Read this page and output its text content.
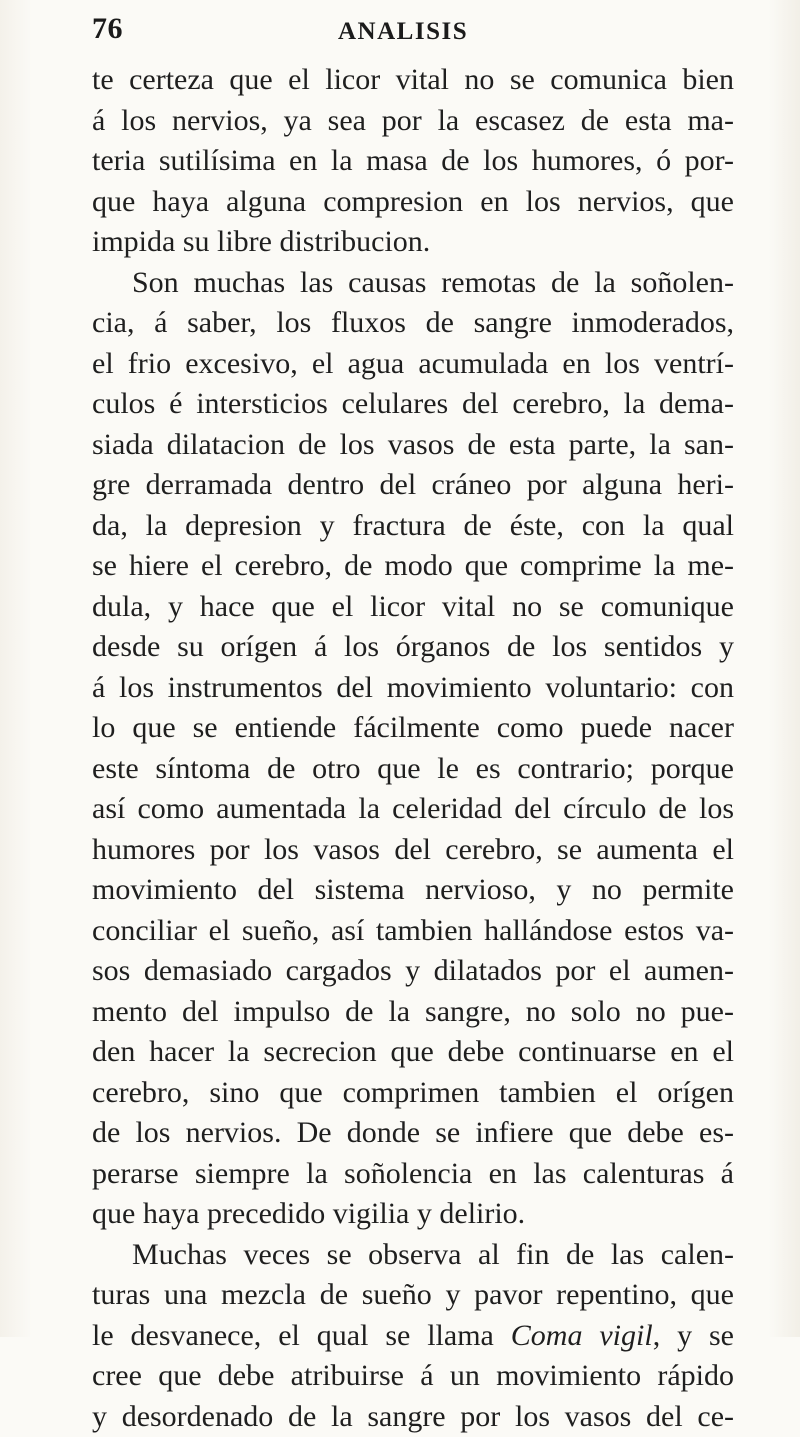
76	ANALISIS
te certeza que el licor vital no se comunica bien
á los nervios, ya sea por la escasez de esta ma-
teria sutilísima en la masa de los humores, ó por-
que haya alguna compresion en los nervios, que
impida su libre distribucion.
Son muchas las causas remotas de la soñolen-
cia, á saber, los fluxos de sangre inmoderados,
el frio excesivo, el agua acumulada en los ventrí-
culos é intersticios celulares del cerebro, la dema-
siada dilatacion de los vasos de esta parte, la san-
gre derramada dentro del cráneo por alguna heri-
da, la depresion y fractura de éste, con la qual
se hiere el cerebro, de modo que comprime la me-
dula, y hace que el licor vital no se comunique
desde su orígen á los órganos de los sentidos y
á los instrumentos del movimiento voluntario: con
lo que se entiende fácilmente como puede nacer
este síntoma de otro que le es contrario; porque
así como aumentada la celeridad del círculo de los
humores por los vasos del cerebro, se aumenta el
movimiento del sistema nervioso, y no permite
conciliar el sueño, así tambien hallándose estos va-
sos demasiado cargados y dilatados por el aumen-
mento del impulso de la sangre, no solo no pue-
den hacer la secrecion que debe continuarse en el
cerebro, sino que comprimen tambien el orígen
de los nervios. De donde se infiere que debe es-
perarse siempre la soñolencia en las calenturas á
que haya precedido vigilia y delirio.
Muchas veces se observa al fin de las calen-
turas una mezcla de sueño y pavor repentino, que
le desvanece, el qual se llama Coma vigil, y se
cree que debe atribuirse á un movimiento rápido
y desordenado de la sangre por los vasos del ce-
